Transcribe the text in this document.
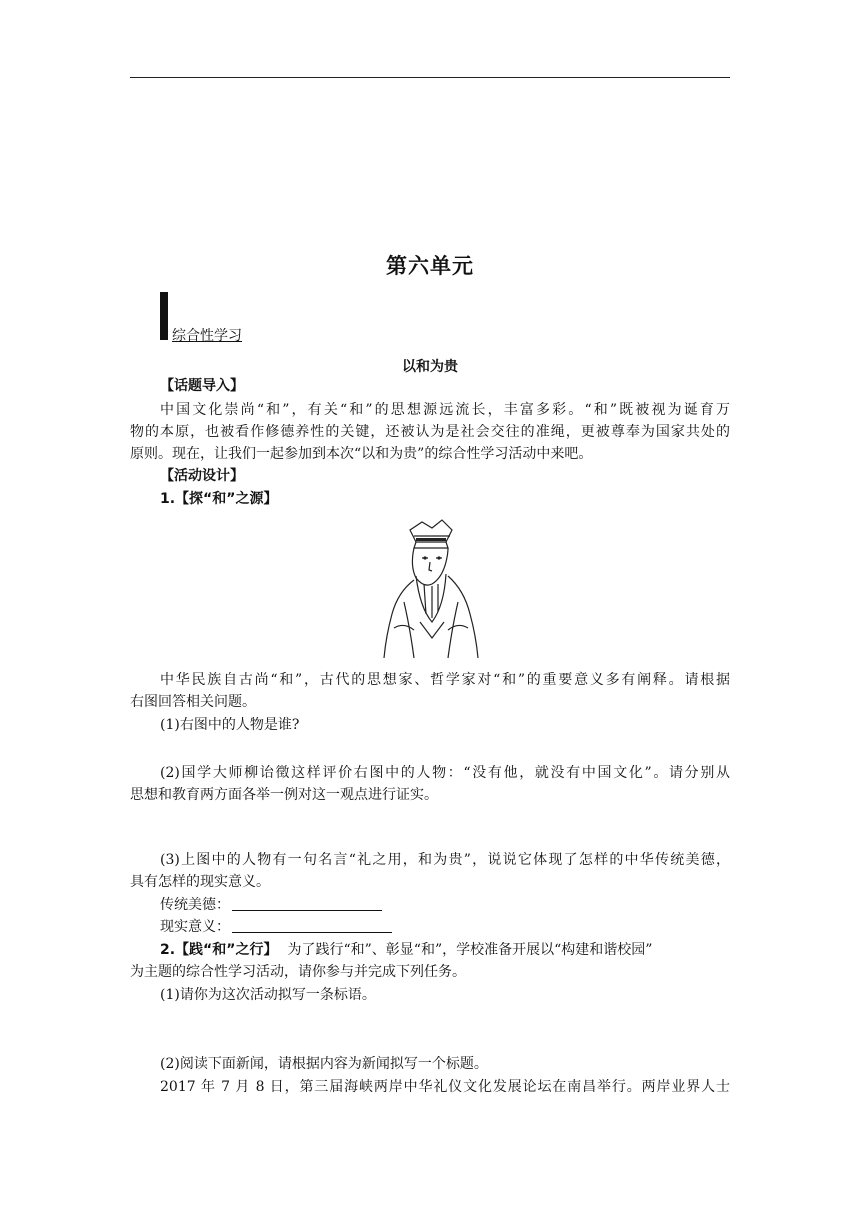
第六单元
综合性学习
以和为贵
【话题导入】
中国文化崇尚“和”，有关“和”的思想源远流长，丰富多彩。“和”既被视为诞育万
物的本原，也被看作修德养性的关键，还被认为是社会交往的准绳，更被尊奉为国家共处的
原则。现在，让我们一起参加到本次“以和为贵”的综合性学习活动中来吧。
【活动设计】
1.【探“和”之源】
中华民族自古尚“和”，古代的思想家、哲学家对“和”的重要意义多有阐释。请根据
右图回答相关问题。
(1)右图中的人物是谁?
(2)国学大师柳诒徵这样评价右图中的人物：“没有他，就没有中国文化”。请分别从
思想和教育两方面各举一例对这一观点进行证实。
(3)上图中的人物有一句名言“礼之用，和为贵”，说说它体现了怎样的中华传统美德，
具有怎样的现实意义。
传统美德：
现实意义：
2.【践“和”之行】 为了践行“和”、彰显“和”，学校准备开展以“构建和谐校园”
为主题的综合性学习活动，请你参与并完成下列任务。
(1)请你为这次活动拟写一条标语。
(2)阅读下面新闻，请根据内容为新闻拟写一个标题。
2017 年 7 月 8 日，第三届海峡两岸中华礼仪文化发展论坛在南昌举行。两岸业界人士
